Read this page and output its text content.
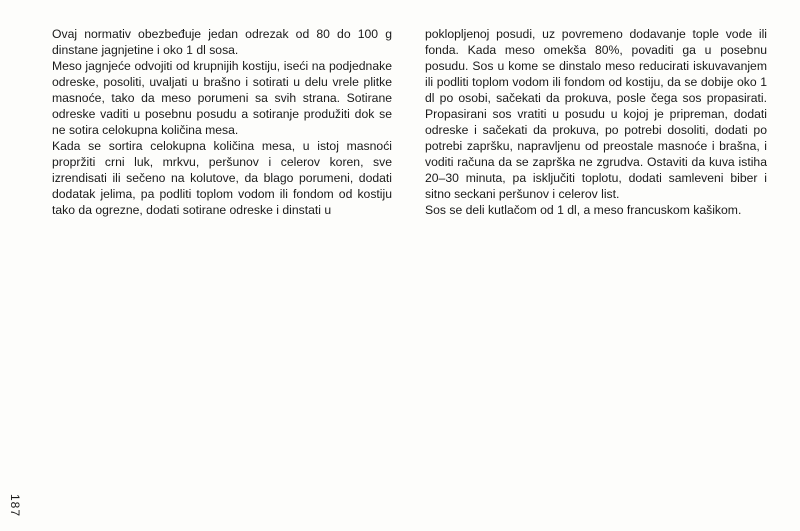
Ovaj normativ obezbeđuje jedan odrezak od 80 do 100 g dinstane jagnjetine i oko 1 dl sosa.

Meso jagnjeće odvojiti od krupnijih kostiju, iseći na podjednake odreske, posoliti, uvaljati u brašno i sotirati u delu vrele plitke masnoće, tako da meso porumeni sa svih strana. Sotirane odreske vaditi u posebnu posudu a sotiranje produžiti dok se ne sotira celokupna količina mesa.

Kada se sortira celokupna količina mesa, u istoj masnoći propržiti crni luk, mrkvu, peršunov i celerov koren, sve izrendisati ili sečeno na kolutove, da blago porumeni, dodati dodatak jelima, pa podliti toplom vodom ili fondom od kostiju tako da ogrezne, dodati sotirane odreske i dinstati u

poklopljenoj posudi, uz povremeno dodavanje tople vode ili fonda. Kada meso omekša 80%, povaditi ga u posebnu posudu. Sos u kome se dinstalo meso reducirati iskuvavanjem ili podliti toplom vodom ili fondom od kostiju, da se dobije oko 1 dl po osobi, sačekati da prokuva, posle čega sos propasirati. Propasirani sos vratiti u posudu u kojoj je pripreman, dodati odreske i sačekati da prokuva, po potrebi dosoliti, dodati po potrebi zapršku, napravljenu od preostale masnoće i brašna, i voditi računa da se zaprška ne zgrudva. Ostaviti da kuva istiha 20–30 minuta, pa isključiti toplotu, dodati samleveni biber i sitno seckani peršunov i celerov list.

Sos se deli kutlačom od 1 dl, a meso francuskom kašikom.

187
